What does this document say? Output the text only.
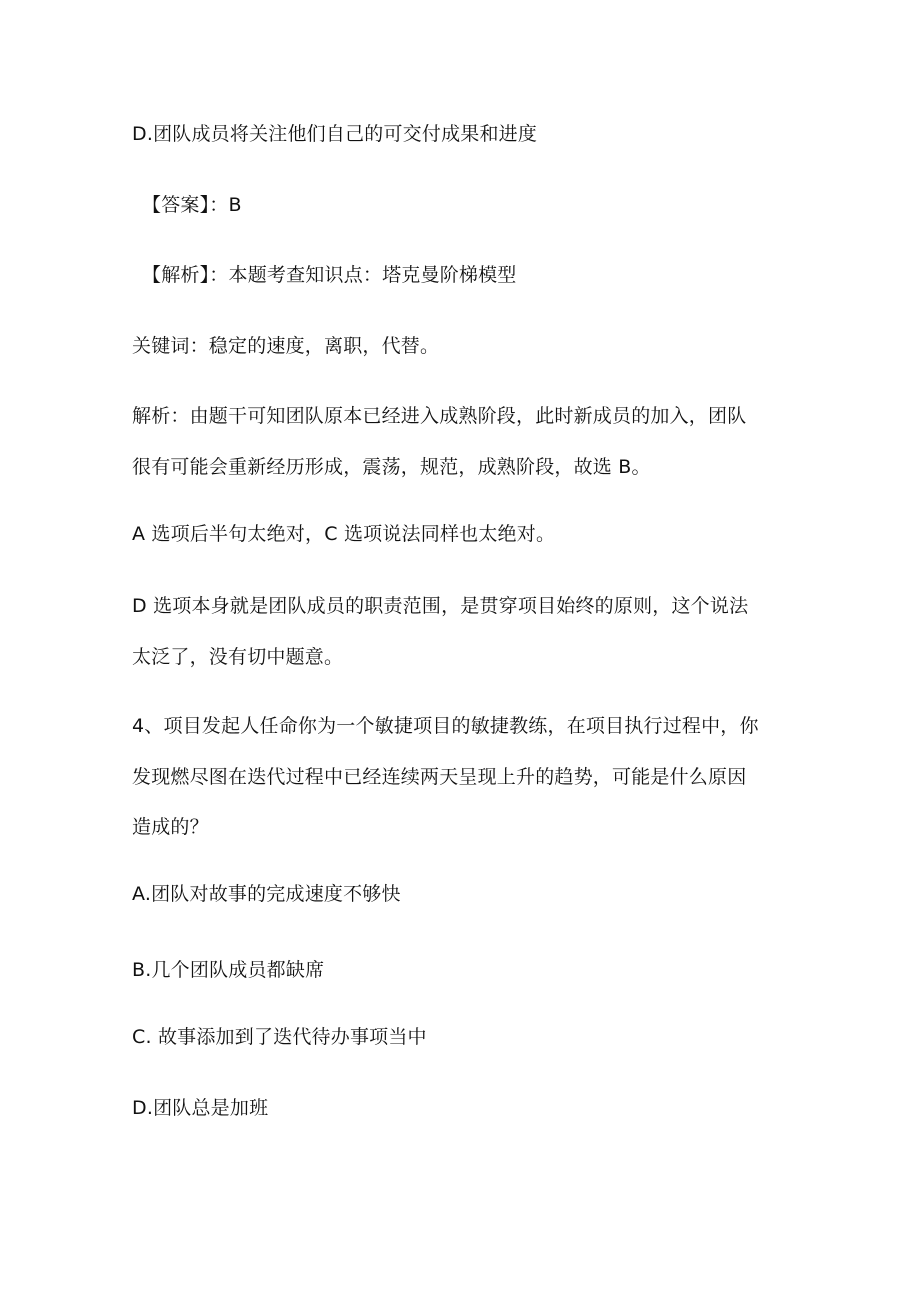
D.团队成员将关注他们自己的可交付成果和进度
【答案】：B
【解析】：本题考查知识点：塔克曼阶梯模型
关键词：稳定的速度，离职，代替。
解析：由题干可知团队原本已经进入成熟阶段，此时新成员的加入，团队
很有可能会重新经历形成，震荡，规范，成熟阶段，故选 B。
A 选项后半句太绝对，C 选项说法同样也太绝对。
D 选项本身就是团队成员的职责范围，是贯穿项目始终的原则，这个说法
太泛了，没有切中题意。
4、项目发起人任命你为一个敏捷项目的敏捷教练，在项目执行过程中，你
发现燃尽图在迭代过程中已经连续两天呈现上升的趋势，可能是什么原因
造成的？
A.团队对故事的完成速度不够快
B.几个团队成员都缺席
C. 故事添加到了迭代待办事项当中
D.团队总是加班
